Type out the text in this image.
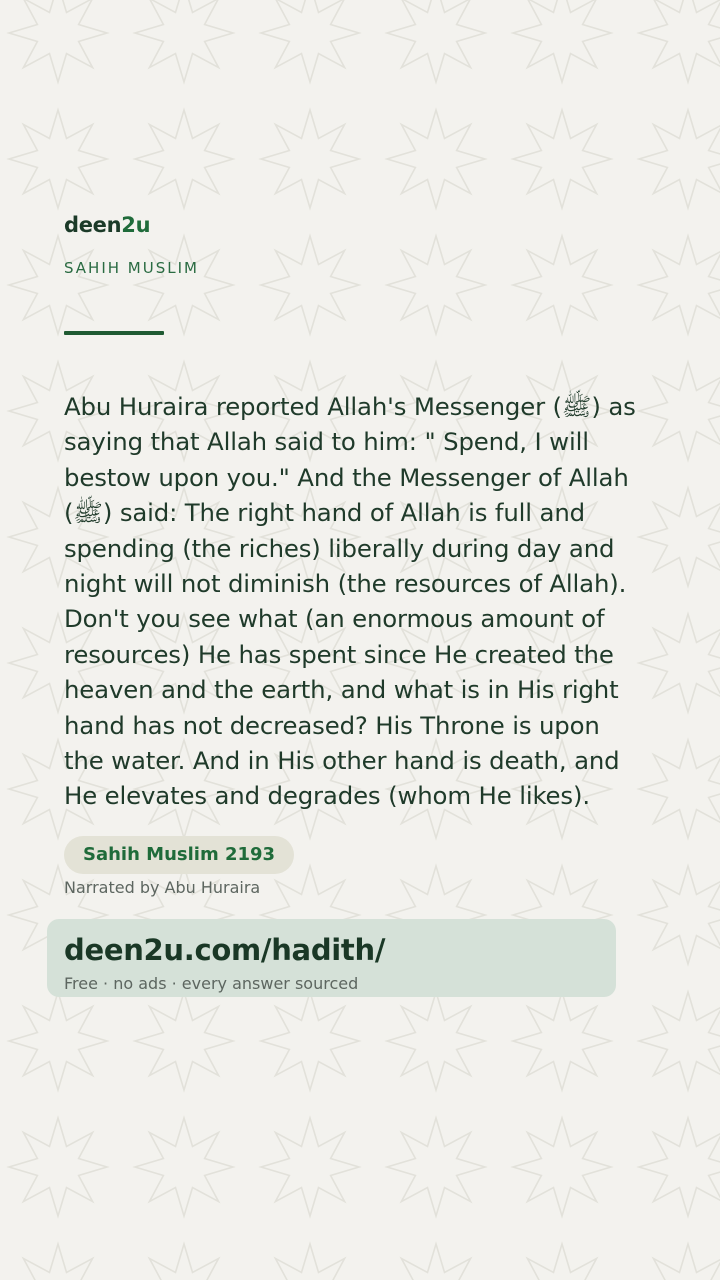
deen2u
SAHIH MUSLIM

Abu Huraira reported Allah's Messenger (ﷺ) as saying that Allah said to him: " Spend, I will bestow upon you." And the Messenger of Allah (ﷺ) said: The right hand of Allah is full and spending (the riches) liberally during day and night will not diminish (the resources of Allah). Don't you see what (an enormous amount of resources) He has spent since He created the heaven and the earth, and what is in His right hand has not decreased? His Throne is upon the water. And in His other hand is death, and He elevates and degrades (whom He likes).

Sahih Muslim 2193
Narrated by Abu Huraira
deen2u.com/hadith/
Free · no ads · every answer sourced
